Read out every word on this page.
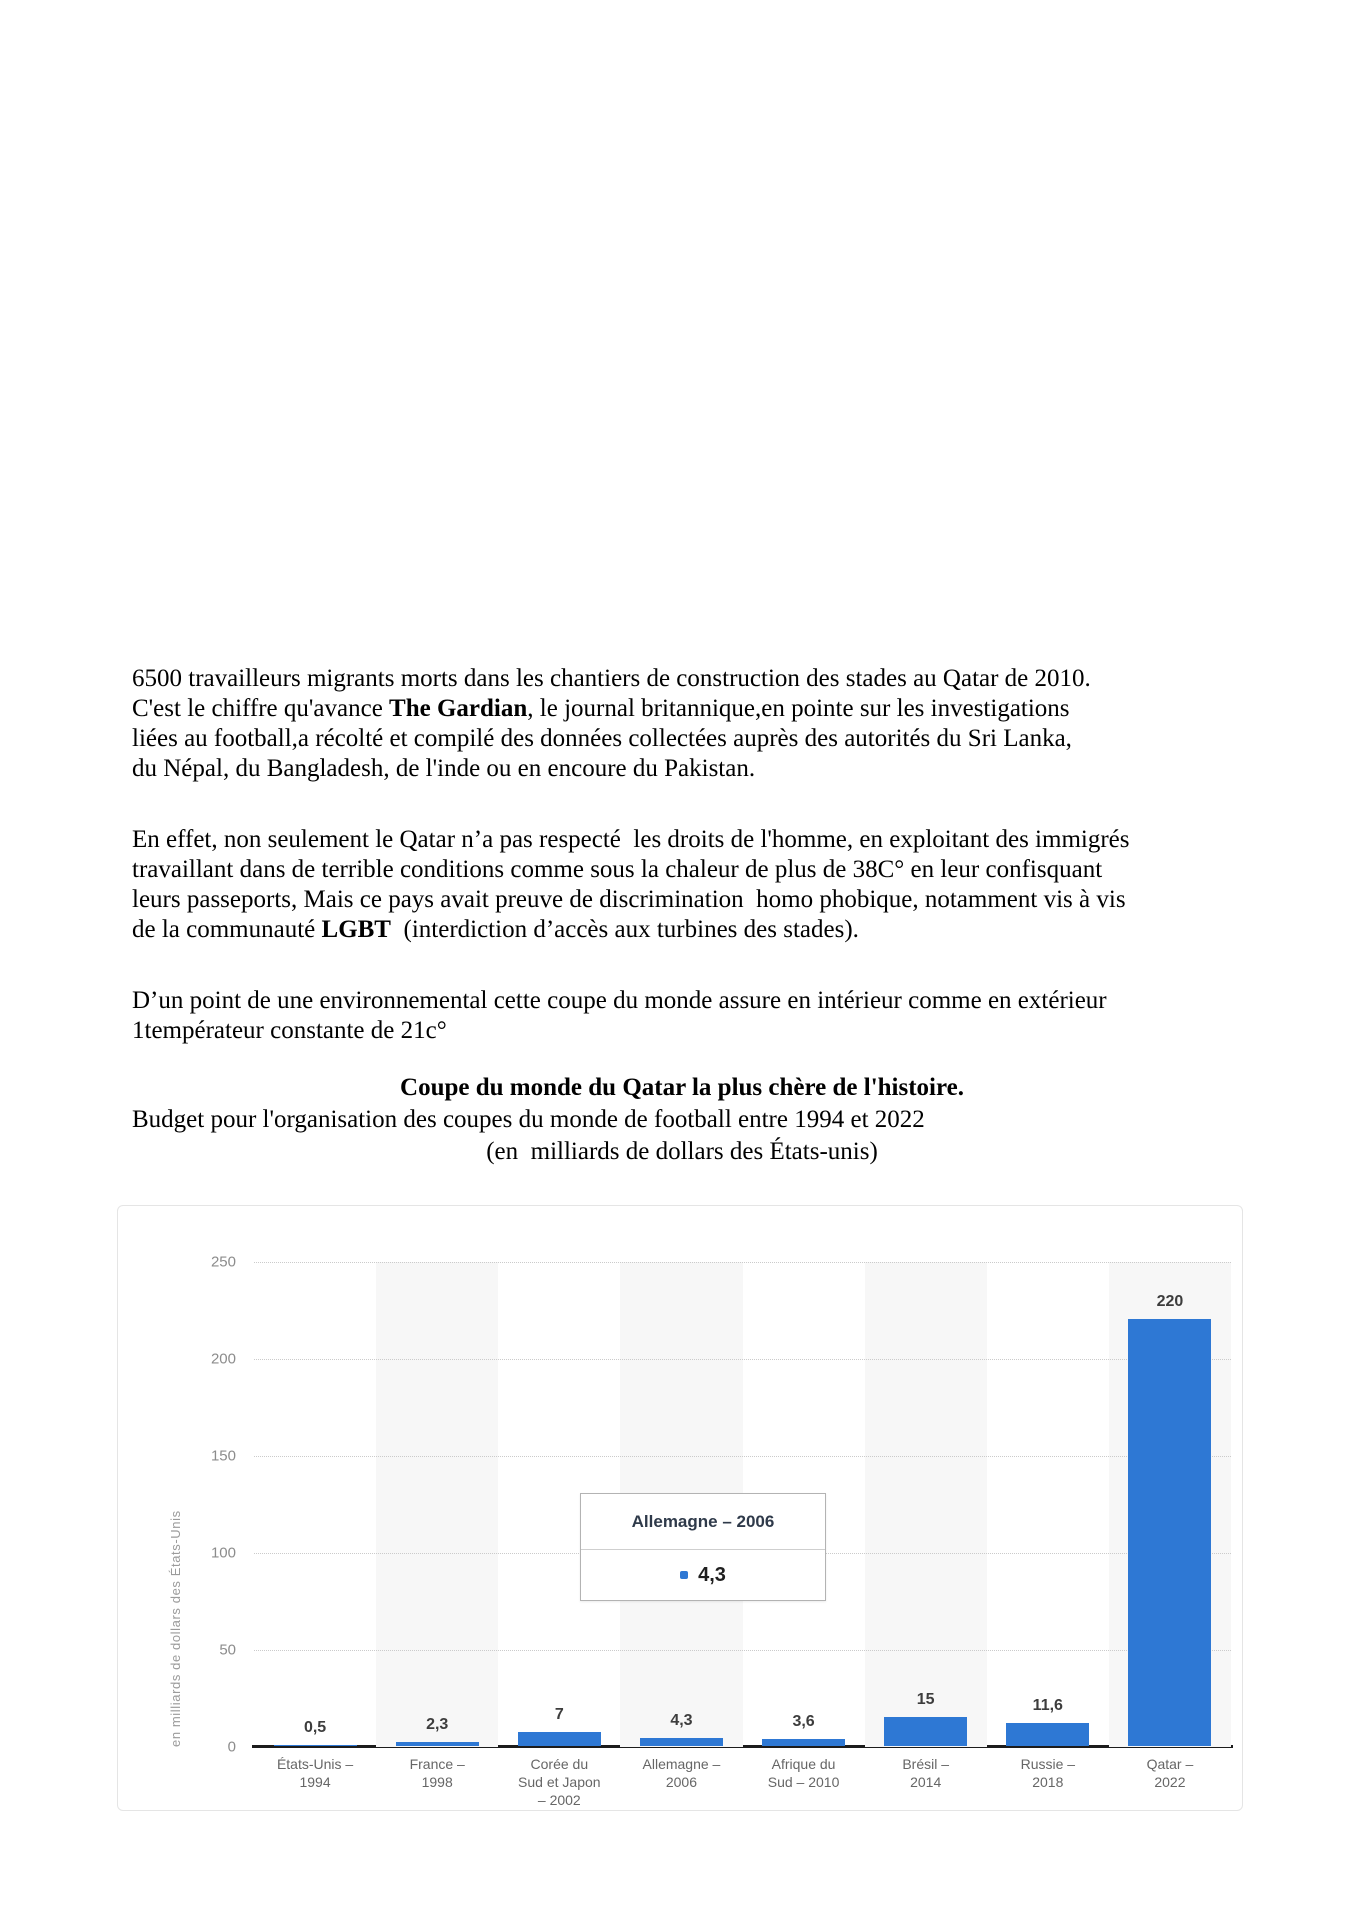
6500 travailleurs migrants morts dans les chantiers de construction des stades au Qatar de 2010.
C'est le chiffre qu'avance The Gardian, le journal britannique,en pointe sur les investigations
liées au football,a récolté et compilé des données collectées auprès des autorités du Sri Lanka,
du Népal, du Bangladesh, de l'inde ou en encoure du Pakistan.
En effet, non seulement le Qatar n’a pas respecté  les droits de l'homme, en exploitant des immigrés
travaillant dans de terrible conditions comme sous la chaleur de plus de 38C° en leur confisquant
leurs passeports, Mais ce pays avait preuve de discrimination  homo phobique, notamment vis à vis
de la communauté LGBT  (interdiction d’accès aux turbines des stades).
D’un point de une environnemental cette coupe du monde assure en intérieur comme en extérieur
1températeur constante de 21c°
Coupe du monde du Qatar la plus chère de l'histoire.
Budget pour l'organisation des coupes du monde de football entre 1994 et 2022
(en  milliards de dollars des États-unis)
en milliards de dollars des États-Unis	0
50
100
150
200
250
Allemagne – 2006
4,3
0,5	2,3
7	4,3	3,6
15	11,6
220
États-Unis –
1994
France –
1998
Corée du
Sud et Japon
– 2002
Allemagne –
2006
Afrique du
Sud – 2010
Brésil –
2014
Russie –
2018
Qatar –
2022
